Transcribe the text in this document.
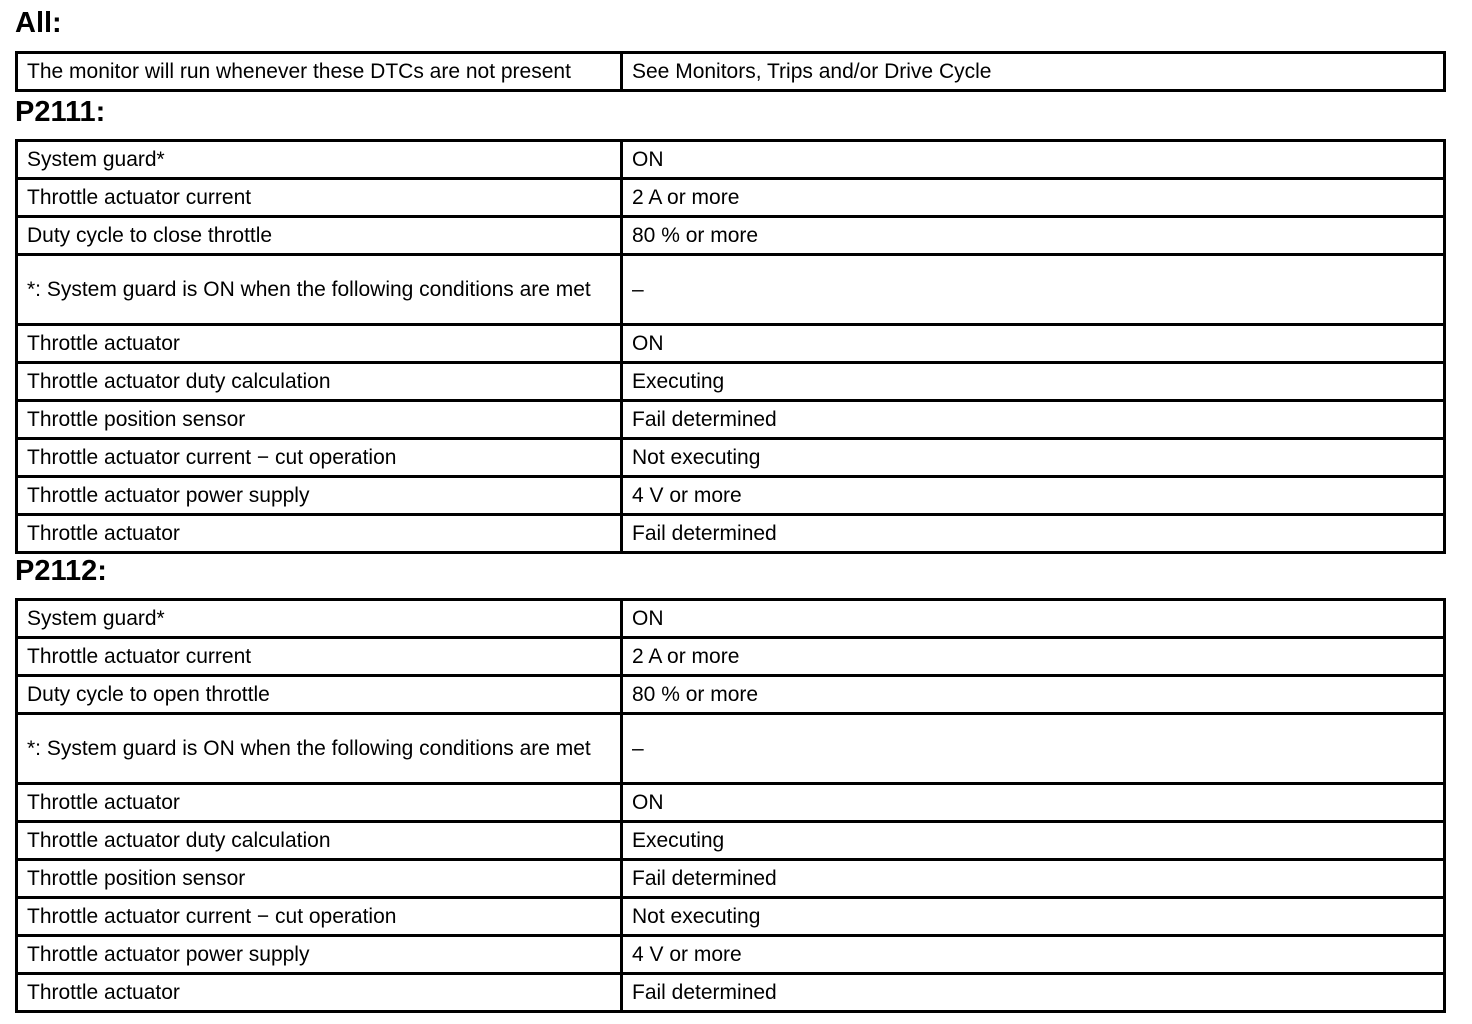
All:
The monitor will run whenever these DTCs are not present	See Monitors, Trips and/or Drive Cycle
P2111:
System guard*	ON
Throttle actuator current	2 A or more
Duty cycle to close throttle	80 % or more
*: System guard is ON when the following conditions are met	–
Throttle actuator	ON
Throttle actuator duty calculation	Executing
Throttle position sensor	Fail determined
Throttle actuator current − cut operation	Not executing
Throttle actuator power supply	4 V or more
Throttle actuator	Fail determined
P2112:
System guard*	ON
Throttle actuator current	2 A or more
Duty cycle to open throttle	80 % or more
*: System guard is ON when the following conditions are met	–
Throttle actuator	ON
Throttle actuator duty calculation	Executing
Throttle position sensor	Fail determined
Throttle actuator current − cut operation	Not executing
Throttle actuator power supply	4 V or more
Throttle actuator	Fail determined
